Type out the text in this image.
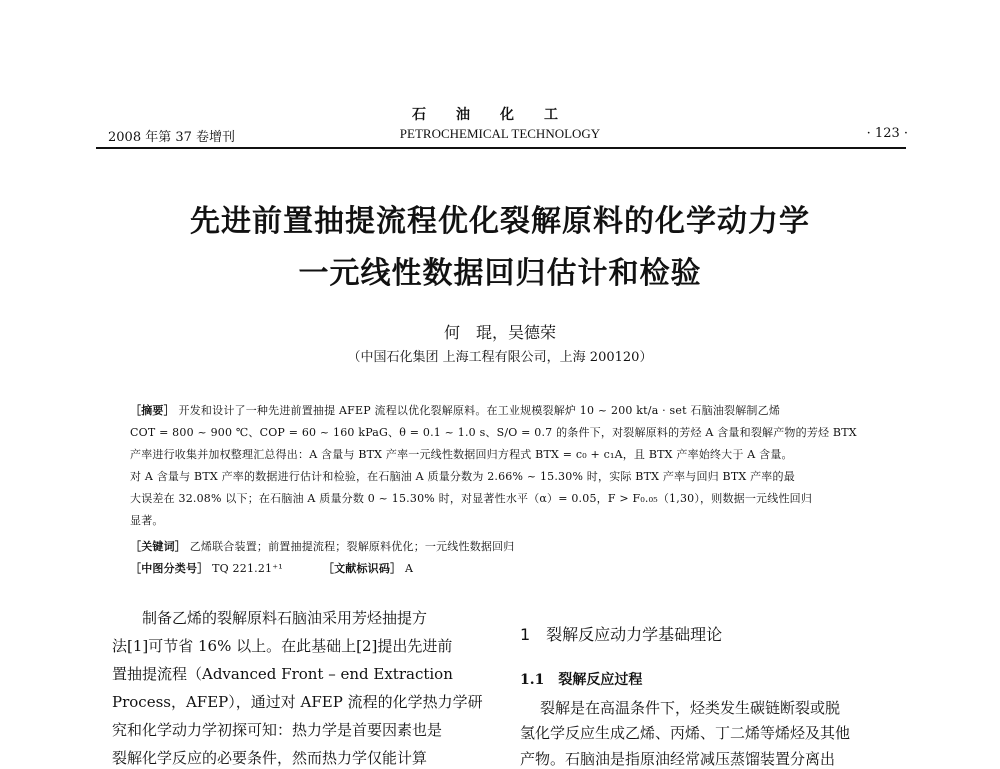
石油化工
2008 年第 37 卷增刊	PETROCHEMICAL TECHNOLOGY	· 123 ·
先进前置抽提流程优化裂解原料的化学动力学
一元线性数据回归估计和检验
何　琨，吴德荣
（中国石化集团 上海工程有限公司，上海 200120）
［摘要］ 开发和设计了一种先进前置抽提 AFEP 流程以优化裂解原料。在工业规模裂解炉 10 ~ 200 kt/a · set 石脑油裂解制乙烯
COT = 800 ~ 900 ℃、COP = 60 ~ 160 kPaG、θ = 0.1 ~ 1.0 s、S/O = 0.7 的条件下，对裂解原料的芳烃 A 含量和裂解产物的芳烃 BTX
产率进行收集并加权整理汇总得出：A 含量与 BTX 产率一元线性数据回归方程式 BTX = c₀ + c₁A，且 BTX 产率始终大于 A 含量。
对 A 含量与 BTX 产率的数据进行估计和检验，在石脑油 A 质量分数为 2.66% ~ 15.30% 时，实际 BTX 产率与回归 BTX 产率的最
大误差在 32.08% 以下；在石脑油 A 质量分数 0 ~ 15.30% 时，对显著性水平（α）= 0.05，F > F₀.₀₅（1,30），则数据一元线性回归
显著。
［关键词］ 乙烯联合装置；前置抽提流程；裂解原料优化；一元线性数据回归
［中图分类号］ TQ 221.21⁺¹	［文献标识码］ A
　　制备乙烯的裂解原料石脑油采用芳烃抽提方
法[1]可节省 16% 以上。在此基础上[2]提出先进前
置抽提流程（Advanced Front – end Extraction
Process，AFEP），通过对 AFEP 流程的化学热力学研
究和化学动力学初探可知：热力学是首要因素也是
裂解化学反应的必要条件，然而热力学仅能计算
1　裂解反应动力学基础理论
1.1　裂解反应过程
裂解是在高温条件下，烃类发生碳链断裂或脱
氢化学反应生成乙烯、丙烯、丁二烯等烯烃及其他
产物。石脑油是指原油经常减压蒸馏装置分离出
